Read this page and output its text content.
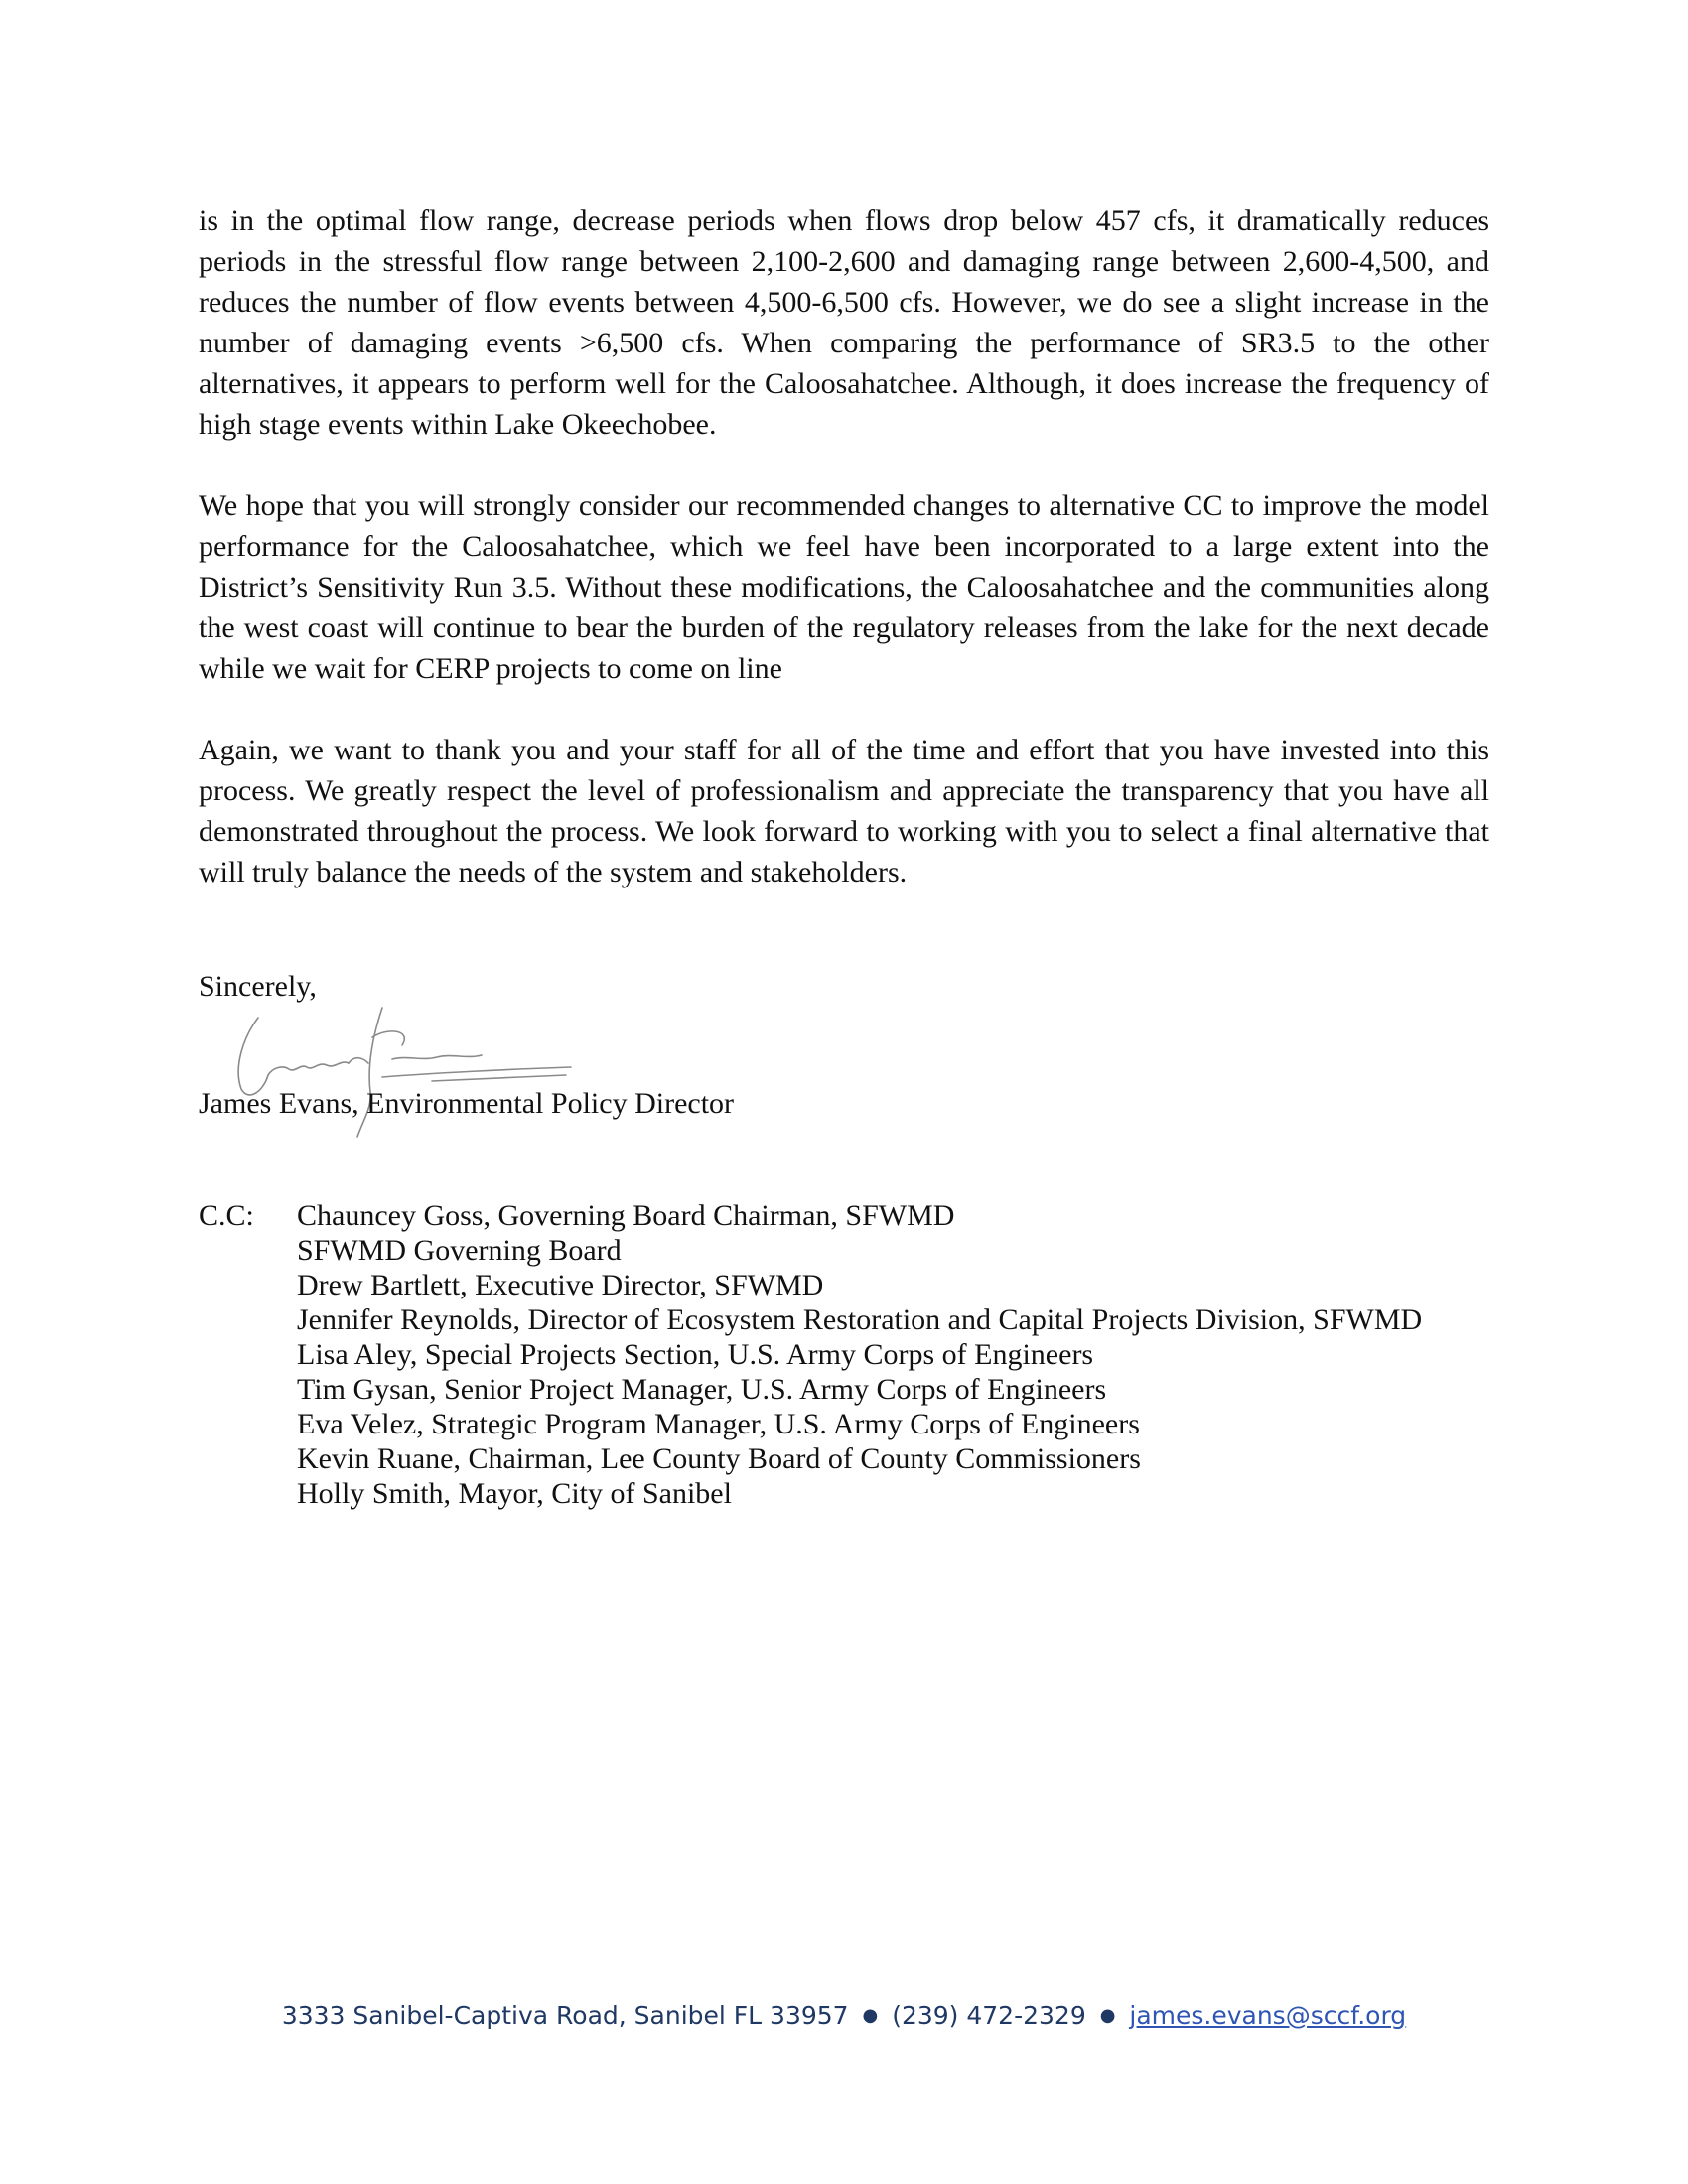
is in the optimal flow range, decrease periods when flows drop below 457 cfs, it dramatically reduces periods in the stressful flow range between 2,100-2,600 and damaging range between 2,600-4,500, and reduces the number of flow events between 4,500-6,500 cfs. However, we do see a slight increase in the number of damaging events >6,500 cfs. When comparing the performance of SR3.5 to the other alternatives, it appears to perform well for the Caloosahatchee. Although, it does increase the frequency of high stage events within Lake Okeechobee.

We hope that you will strongly consider our recommended changes to alternative CC to improve the model performance for the Caloosahatchee, which we feel have been incorporated to a large extent into the District’s Sensitivity Run 3.5. Without these modifications, the Caloosahatchee and the communities along the west coast will continue to bear the burden of the regulatory releases from the lake for the next decade while we wait for CERP projects to come on line

Again, we want to thank you and your staff for all of the time and effort that you have invested into this process. We greatly respect the level of professionalism and appreciate the transparency that you have all demonstrated throughout the process. We look forward to working with you to select a final alternative that will truly balance the needs of the system and stakeholders.

Sincerely,
James Evans, Environmental Policy Director
C.C:	Chauncey Goss, Governing Board Chairman, SFWMD
SFWMD Governing Board
Drew Bartlett, Executive Director, SFWMD
Jennifer Reynolds, Director of Ecosystem Restoration and Capital Projects Division, SFWMD
Lisa Aley, Special Projects Section, U.S. Army Corps of Engineers
Tim Gysan, Senior Project Manager, U.S. Army Corps of Engineers
Eva Velez, Strategic Program Manager, U.S. Army Corps of Engineers
Kevin Ruane, Chairman, Lee County Board of County Commissioners
Holly Smith, Mayor, City of Sanibel
3333 Sanibel-Captiva Road, Sanibel FL 33957 ● (239) 472-2329 ● james.evans@sccf.org
